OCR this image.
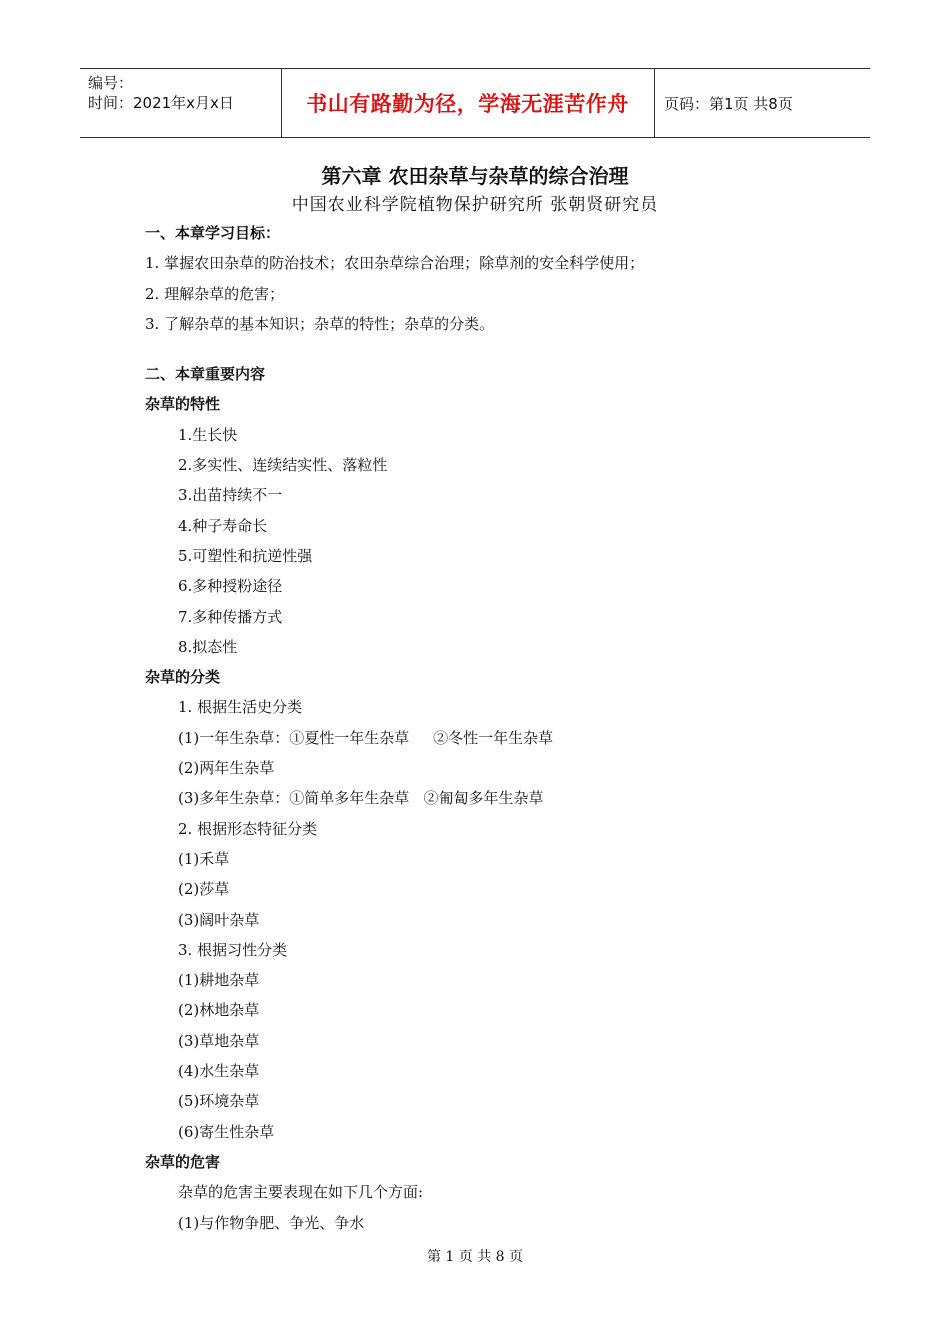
编号：
时间：2021年x月x日	书山有路勤为径，学海无涯苦作舟	页码：第1页 共8页
第六章 农田杂草与杂草的综合治理
中国农业科学院植物保护研究所 张朝贤研究员
一、本章学习目标：
1. 掌握农田杂草的防治技术；农田杂草综合治理；除草剂的安全科学使用；
2. 理解杂草的危害；
3. 了解杂草的基本知识；杂草的特性；杂草的分类。
二、本章重要内容
杂草的特性
1.生长快
2.多实性、连续结实性、落粒性
3.出苗持续不一
4.种子寿命长
5.可塑性和抗逆性强
6.多种授粉途径
7.多种传播方式
8.拟态性
杂草的分类
1. 根据生活史分类
(1)一年生杂草：①夏性一年生杂草     ②冬性一年生杂草
(2)两年生杂草
(3)多年生杂草：①简单多年生杂草   ②匍匐多年生杂草
2. 根据形态特征分类
(1)禾草
(2)莎草
(3)阔叶杂草
3. 根据习性分类
(1)耕地杂草
(2)林地杂草
(3)草地杂草
(4)水生杂草
(5)环境杂草
(6)寄生性杂草
杂草的危害
杂草的危害主要表现在如下几个方面:
(1)与作物争肥、争光、争水
第 1 页 共 8 页
